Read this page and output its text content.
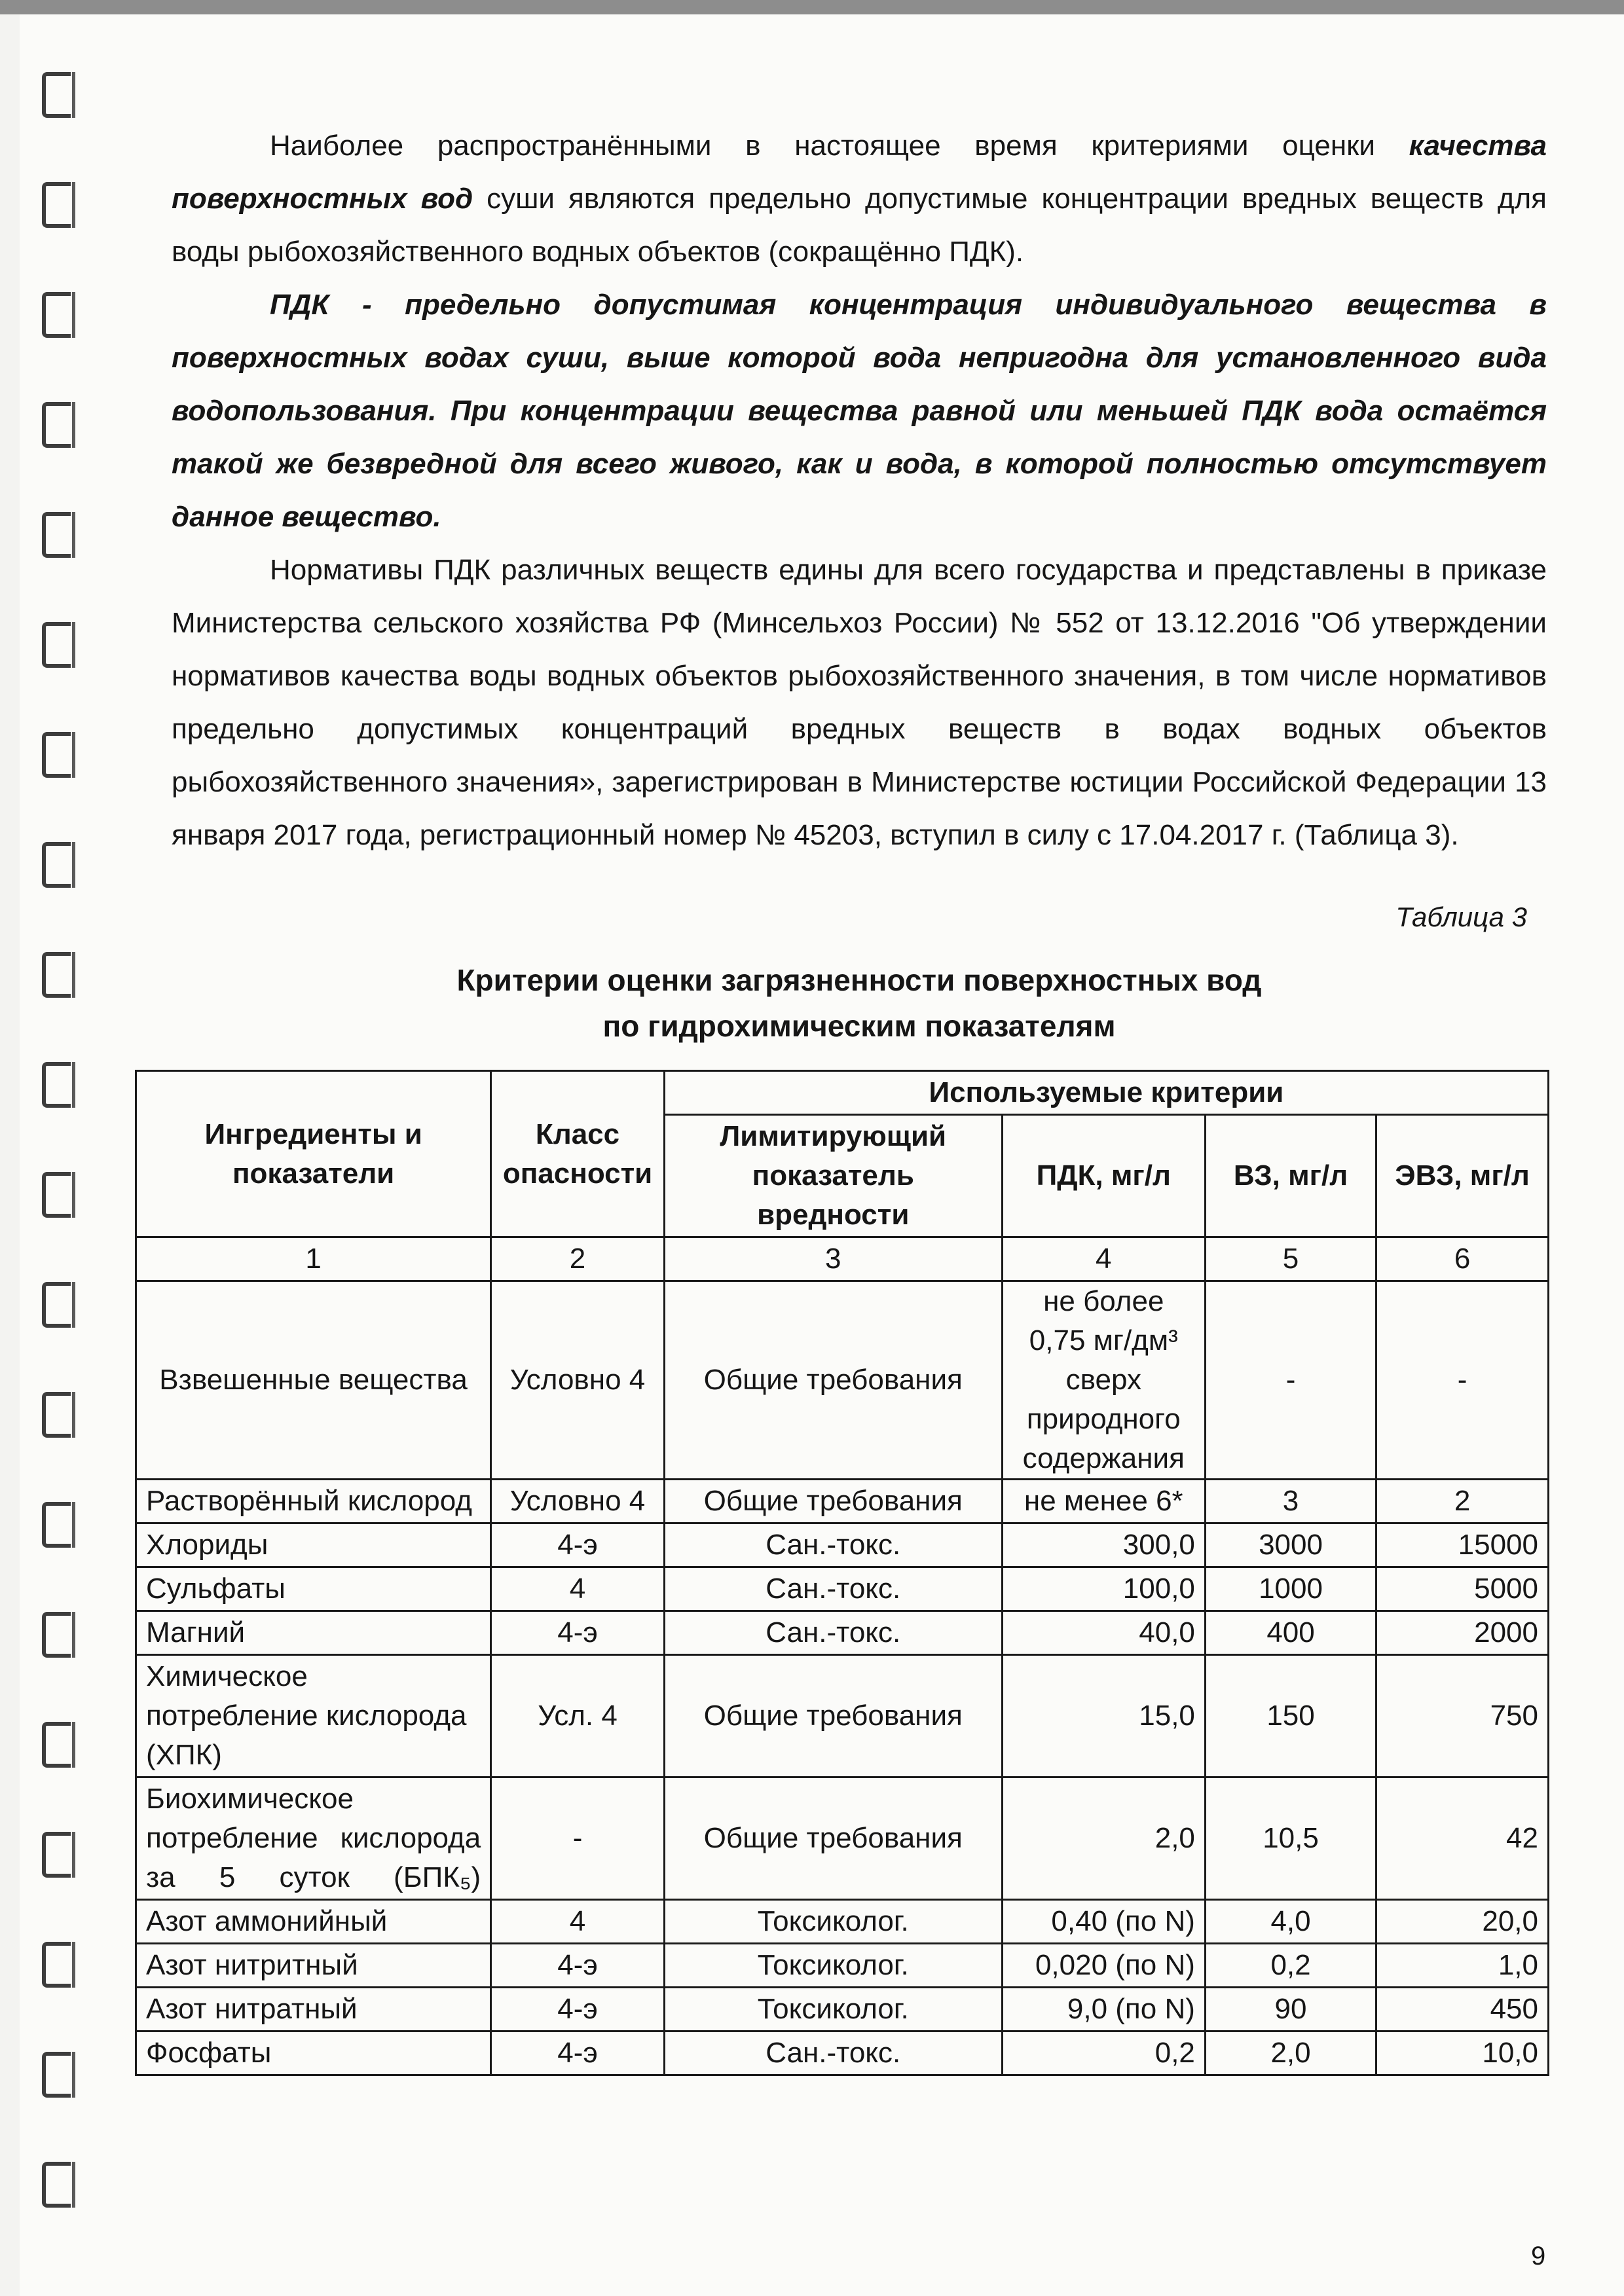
Наиболее распространёнными в настоящее время критериями оценки качества поверхностных вод суши являются предельно допустимые концентрации вредных веществ для воды рыбохозяйственного водных объектов (сокращённо ПДК).

ПДК - предельно допустимая концентрация индивидуального вещества в поверхностных водах суши, выше которой вода непригодна для установленного вида водопользования. При концентрации вещества равной или меньшей ПДК вода остаётся такой же безвредной для всего живого, как и вода, в которой полностью отсутствует данное вещество.

Нормативы ПДК различных веществ едины для всего государства и представлены в приказе Министерства сельского хозяйства РФ (Минсельхоз России) № 552 от 13.12.2016 "Об утверждении нормативов качества воды водных объектов рыбохозяйственного значения, в том числе нормативов предельно допустимых концентраций вредных веществ в водах водных объектов рыбохозяйственного значения», зарегистрирован в Министерстве юстиции Российской Федерации 13 января 2017 года, регистрационный номер № 45203, вступил в силу с 17.04.2017 г. (Таблица 3).

Таблица 3
Критерии оценки загрязненности поверхностных вод
по гидрохимическим показателям
Ингредиенты и показатели	Класс опасности	Используемые критерии			
		Лимитирующий показатель вредности	ПДК, мг/л	ВЗ, мг/л	ЭВЗ, мг/л
1	2	3	4	5	6
Взвешенные вещества	Условно 4	Общие требования	не более 0,75 мг/дм³ сверх природного содержания	-	-
Растворённый кислород	Условно 4	Общие требования	не менее 6*	3	2
Хлориды	4-э	Сан.-токс.	300,0	3000	15000
Сульфаты	4	Сан.-токс.	100,0	1000	5000
Магний	4-э	Сан.-токс.	40,0	400	2000
Химическое потребление кислорода (ХПК)	Усл. 4	Общие требования	15,0	150	750
Биохимическое потребление кислорода за 5 суток (БПК₅)	-	Общие требования	2,0	10,5	42
Азот аммонийный	4	Токсиколог.	0,40 (по N)	4,0	20,0
Азот нитритный	4-э	Токсиколог.	0,020 (по N)	0,2	1,0
Азот нитратный	4-э	Токсиколог.	9,0 (по N)	90	450
Фосфаты	4-э	Сан.-токс.	0,2	2,0	10,0
9
